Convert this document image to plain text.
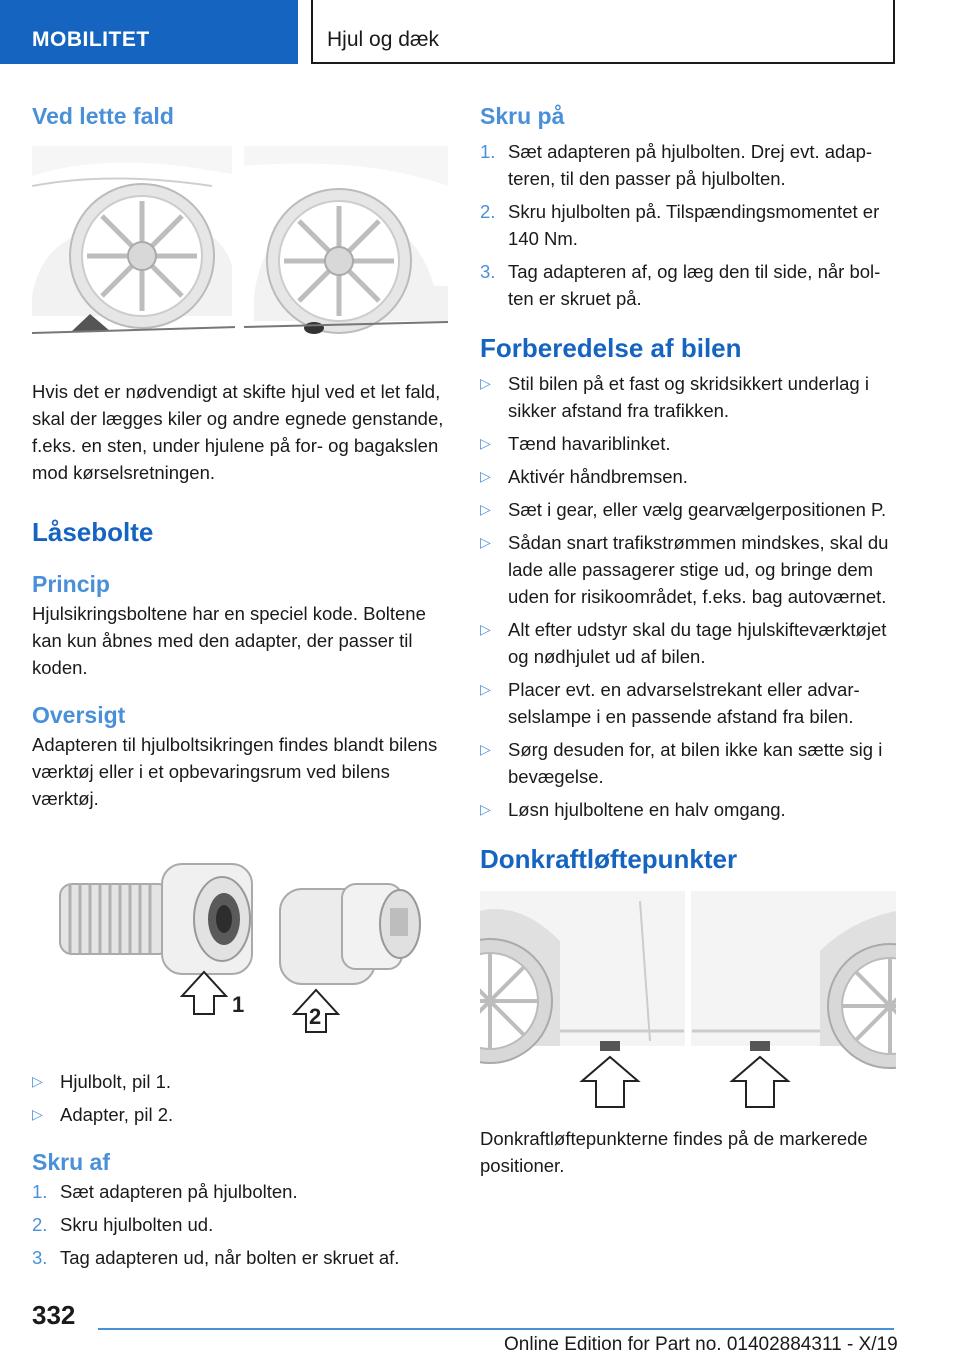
MOBILITET	Hjul og dæk
Ved lette fald

Hvis det er nødvendigt at skifte hjul ved et let fald, skal der lægges kiler og andre egnede genstande, f.eks. en sten, under hjulene på for- og bagakslen mod kørselsretningen.

Låsebolte
Princip

Hjulsikringsboltene har en speciel kode. Boltene kan kun åbnes med den adapter, der passer til koden.

Oversigt

Adapteren til hjulboltsikringen findes blandt bilens værktøj eller i et opbevaringsrum ved bilens værktøj.

1	2
▷ Hjulbolt, pil 1.
▷ Adapter, pil 2.
Skru af
1. Sæt adapteren på hjulbolten.
2. Skru hjulbolten ud.
3. Tag adapteren ud, når bolten er skruet af.
Skru på
1. Sæt adapteren på hjulbolten. Drej evt. adapteren, til den passer på hjulbolten.
2. Skru hjulbolten på. Tilspændingsmomentet er 140 Nm.
3. Tag adapteren af, og læg den til side, når bolten er skruet på.
Forberedelse af bilen
▷ Stil bilen på et fast og skridsikkert underlag i sikker afstand fra trafikken.
▷ Tænd havariblinket.
▷ Aktivér håndbremsen.
▷ Sæt i gear, eller vælg gearvælgerpositionen P.
▷ Sådan snart trafikstrømmen mindskes, skal du lade alle passagerer stige ud, og bringe dem uden for risikoområdet, f.eks. bag autoværnet.
▷ Alt efter udstyr skal du tage hjulskifteværktøjet og nødhjulet ud af bilen.
▷ Placer evt. en advarselstrekant eller advarselslampe i en passende afstand fra bilen.
▷ Sørg desuden for, at bilen ikke kan sætte sig i bevægelse.
▷ Løsn hjulboltene en halv omgang.
Donkraftløftepunkter

Donkraftløftepunkterne findes på de markerede positioner.

332
Online Edition for Part no. 01402884311 - X/19
